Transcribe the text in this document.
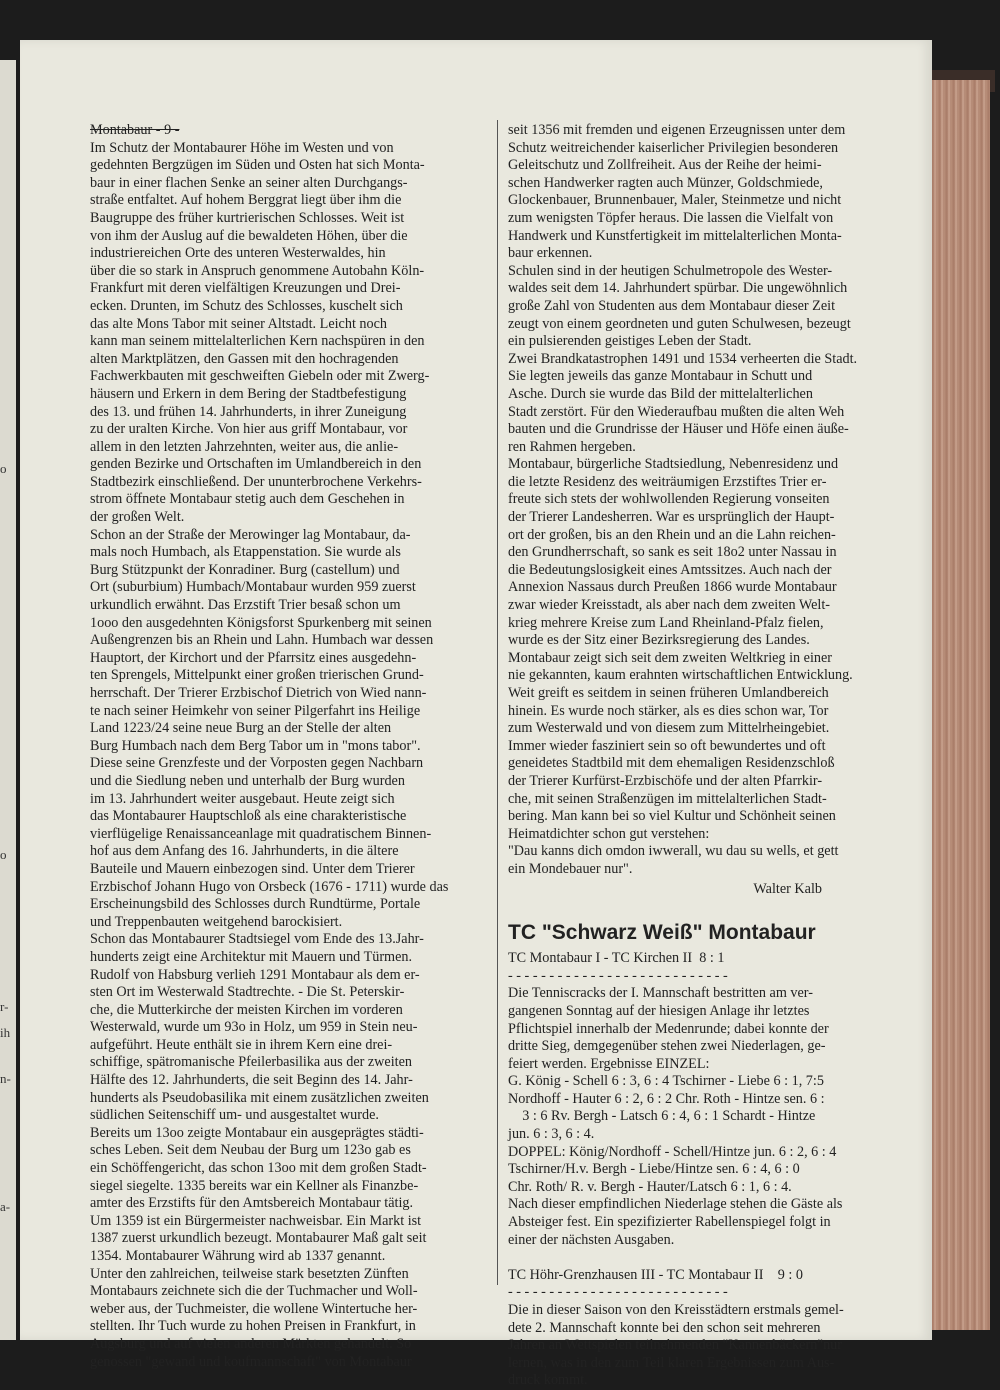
o
o
r-
ih
n-
a-
Montabaur - 9 -
Im Schutz der Montabaurer Höhe im Westen und von
gedehnten Bergzügen im Süden und Osten hat sich Monta-
baur in einer flachen Senke an seiner alten Durchgangs-
straße entfaltet. Auf hohem Berggrat liegt über ihm die
Baugruppe des früher kurtrierischen Schlosses. Weit ist
von ihm der Auslug auf die bewaldeten Höhen, über die
industriereichen Orte des unteren Westerwaldes, hin
über die so stark in Anspruch genommene Autobahn Köln-
Frankfurt mit deren vielfältigen Kreuzungen und Drei-
ecken. Drunten, im Schutz des Schlosses, kuschelt sich
das alte Mons Tabor mit seiner Altstadt. Leicht noch
kann man seinem mittelalterlichen Kern nachspüren in den
alten Marktplätzen, den Gassen mit den hochragenden
Fachwerkbauten mit geschweiften Giebeln oder mit Zwerg-
häusern und Erkern in dem Bering der Stadtbefestigung
des 13. und frühen 14. Jahrhunderts, in ihrer Zuneigung
zu der uralten Kirche. Von hier aus griff Montabaur, vor
allem in den letzten Jahrzehnten, weiter aus, die anlie-
genden Bezirke und Ortschaften im Umlandbereich in den
Stadtbezirk einschließend. Der ununterbrochene Verkehrs-
strom öffnete Montabaur stetig auch dem Geschehen in
der großen Welt.
Schon an der Straße der Merowinger lag Montabaur, da-
mals noch Humbach, als Etappenstation. Sie wurde als
Burg Stützpunkt der Konradiner. Burg (castellum) und
Ort (suburbium) Humbach/Montabaur wurden 959 zuerst
urkundlich erwähnt. Das Erzstift Trier besaß schon um
1ooo den ausgedehnten Königsforst Spurkenberg mit seinen
Außengrenzen bis an Rhein und Lahn. Humbach war dessen
Hauptort, der Kirchort und der Pfarrsitz eines ausgedehn-
ten Sprengels, Mittelpunkt einer großen trierischen Grund-
herrschaft. Der Trierer Erzbischof Dietrich von Wied nann-
te nach seiner Heimkehr von seiner Pilgerfahrt ins Heilige
Land 1223/24 seine neue Burg an der Stelle der alten
Burg Humbach nach dem Berg Tabor um in "mons tabor".
Diese seine Grenzfeste und der Vorposten gegen Nachbarn
und die Siedlung neben und unterhalb der Burg wurden
im 13. Jahrhundert weiter ausgebaut. Heute zeigt sich
das Montabaurer Hauptschloß als eine charakteristische
vierflügelige Renaissanceanlage mit quadratischem Binnen-
hof aus dem Anfang des 16. Jahrhunderts, in die ältere
Bauteile und Mauern einbezogen sind. Unter dem Trierer
Erzbischof Johann Hugo von Orsbeck (1676 - 1711) wurde das
Erscheinungsbild des Schlosses durch Rundtürme, Portale
und Treppenbauten weitgehend barockisiert.
Schon das Montabaurer Stadtsiegel vom Ende des 13.Jahr-
hunderts zeigt eine Architektur mit Mauern und Türmen.
Rudolf von Habsburg verlieh 1291 Montabaur als dem er-
sten Ort im Westerwald Stadtrechte. - Die St. Peterskir-
che, die Mutterkirche der meisten Kirchen im vorderen
Westerwald, wurde um 93o in Holz, um 959 in Stein neu-
aufgeführt. Heute enthält sie in ihrem Kern eine drei-
schiffige, spätromanische Pfeilerbasilika aus der zweiten
Hälfte des 12. Jahrhunderts, die seit Beginn des 14. Jahr-
hunderts als Pseudobasilika mit einem zusätzlichen zweiten
südlichen Seitenschiff um- und ausgestaltet wurde.
Bereits um 13oo zeigte Montabaur ein ausgeprägtes städti-
sches Leben. Seit dem Neubau der Burg um 123o gab es
ein Schöffengericht, das schon 13oo mit dem großen Stadt-
siegel siegelte. 1335 bereits war ein Kellner als Finanzbe-
amter des Erzstifts für den Amtsbereich Montabaur tätig.
Um 1359 ist ein Bürgermeister nachweisbar. Ein Markt ist
1387 zuerst urkundlich bezeugt. Montabaurer Maß galt seit
1354. Montabaurer Währung wird ab 1337 genannt.
Unter den zahlreichen, teilweise stark besetzten Zünften
Montabaurs zeichnete sich die der Tuchmacher und Woll-
weber aus, der Tuchmeister, die wollene Wintertuche her-
stellten. Ihr Tuch wurde zu hohen Preisen in Frankfurt, in
Augsburg und auf vielen anderen Märkten gehandelt. So
genossen "gewand und koufmannschaft" von Montabaur
seit 1356 mit fremden und eigenen Erzeugnissen unter dem
Schutz weitreichender kaiserlicher Privilegien besonderen
Geleitschutz und Zollfreiheit. Aus der Reihe der heimi-
schen Handwerker ragten auch Münzer, Goldschmiede,
Glockenbauer, Brunnenbauer, Maler, Steinmetze und nicht
zum wenigsten Töpfer heraus. Die lassen die Vielfalt von
Handwerk und Kunstfertigkeit im mittelalterlichen Monta-
baur erkennen.
Schulen sind in der heutigen Schulmetropole des Wester-
waldes seit dem 14. Jahrhundert spürbar. Die ungewöhnlich
große Zahl von Studenten aus dem Montabaur dieser Zeit
zeugt von einem geordneten und guten Schulwesen, bezeugt
ein pulsierenden geistiges Leben der Stadt.
Zwei Brandkatastrophen 1491 und 1534 verheerten die Stadt.
Sie legten jeweils das ganze Montabaur in Schutt und
Asche. Durch sie wurde das Bild der mittelalterlichen
Stadt zerstört. Für den Wiederaufbau mußten die alten Weh
bauten und die Grundrisse der Häuser und Höfe einen äuße-
ren Rahmen hergeben.
Montabaur, bürgerliche Stadtsiedlung, Nebenresidenz und
die letzte Residenz des weiträumigen Erzstiftes Trier er-
freute sich stets der wohlwollenden Regierung vonseiten
der Trierer Landesherren. War es ursprünglich der Haupt-
ort der großen, bis an den Rhein und an die Lahn reichen-
den Grundherrschaft, so sank es seit 18o2 unter Nassau in
die Bedeutungslosigkeit eines Amtssitzes. Auch nach der
Annexion Nassaus durch Preußen 1866 wurde Montabaur
zwar wieder Kreisstadt, als aber nach dem zweiten Welt-
krieg mehrere Kreise zum Land Rheinland-Pfalz fielen,
wurde es der Sitz einer Bezirksregierung des Landes.
Montabaur zeigt sich seit dem zweiten Weltkrieg in einer
nie gekannten, kaum erahnten wirtschaftlichen Entwicklung.
Weit greift es seitdem in seinen früheren Umlandbereich
hinein. Es wurde noch stärker, als es dies schon war, Tor
zum Westerwald und von diesem zum Mittelrheingebiet.
Immer wieder fasziniert sein so oft bewundertes und oft
geneidetes Stadtbild mit dem ehemaligen Residenzschloß
der Trierer Kurfürst-Erzbischöfe und der alten Pfarrkir-
che, mit seinen Straßenzügen im mittelalterlichen Stadt-
bering. Man kann bei so viel Kultur und Schönheit seinen
Heimatdichter schon gut verstehen:
"Dau kanns dich omdon iwwerall, wu dau su wells, et gett
ein Mondebauer nur".
Walter Kalb
TC "Schwarz Weiß" Montabaur
TC Montabaur I - TC Kirchen II  8 : 1
- - - - - - - - - - - - - - - - - - - - - - - - - - -
Die Tenniscracks der I. Mannschaft bestritten am ver-
gangenen Sonntag auf der hiesigen Anlage ihr letztes
Pflichtspiel innerhalb der Medenrunde; dabei konnte der
dritte Sieg, demgegenüber stehen zwei Niederlagen, ge-
feiert werden. Ergebnisse EINZEL:
G. König - Schell 6 : 3, 6 : 4 Tschirner - Liebe 6 : 1, 7:5
Nordhoff - Hauter 6 : 2, 6 : 2 Chr. Roth - Hintze sen. 6 :
3 : 6 Rv. Bergh - Latsch 6 : 4, 6 : 1 Schardt - Hintze
jun. 6 : 3, 6 : 4.
DOPPEL: König/Nordhoff - Schell/Hintze jun. 6 : 2, 6 : 4
Tschirner/H.v. Bergh - Liebe/Hintze sen. 6 : 4, 6 : 0
Chr. Roth/ R. v. Bergh - Hauter/Latsch 6 : 1, 6 : 4.
Nach dieser empfindlichen Niederlage stehen die Gäste als
Absteiger fest. Ein spezifizierter Rabellenspiegel folgt in
einer der nächsten Ausgaben.
TC Höhr-Grenzhausen III - TC Montabaur II    9 : 0
- - - - - - - - - - - - - - - - - - - - - - - - - - -
Die in dieser Saison von den Kreisstädtern erstmals gemel-
dete 2. Mannschaft konnte bei den schon seit mehreren
Jahren an Wettspielen teilnehmenden "Kannenbäckern"nur
lernen, was in den zum Teil klaren Ergebnissen zum Aus-
druck kommt.
